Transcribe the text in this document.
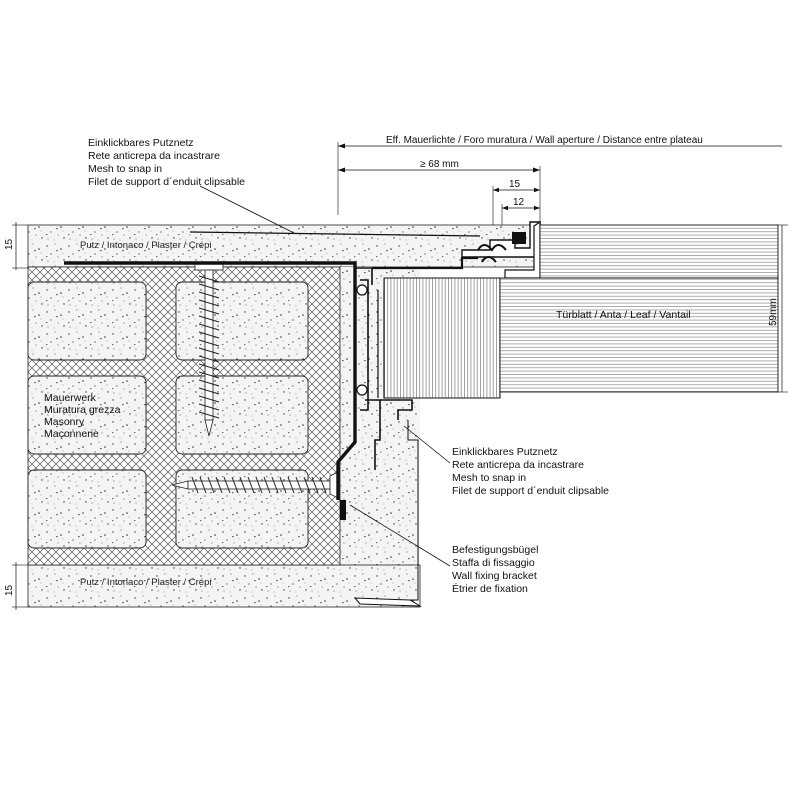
Eff. Mauerlichte / Foro muratura / Wall aperture / Distance entre plateau
≥ 68 mm
15
12
15
15
Türblatt / Anta / Leaf / Vantail	59mm
Putz / Intonaco / Plaster / Crépi
Putz / Intonaco / Plaster / Crépi
Mauerwerk
Muratura grezza
Masonry
Maçonnerie
Einklickbares Putznetz
Rete anticrepa da incastrare
Mesh to snap in
Filet de support d´enduit clipsable
Einklickbares Putznetz
Rete anticrepa da incastrare
Mesh to snap in
Filet de support d´enduit clipsable
Befestigungsbügel
Staffa di fissaggio
Wall fixing bracket
Étrier de fixation
